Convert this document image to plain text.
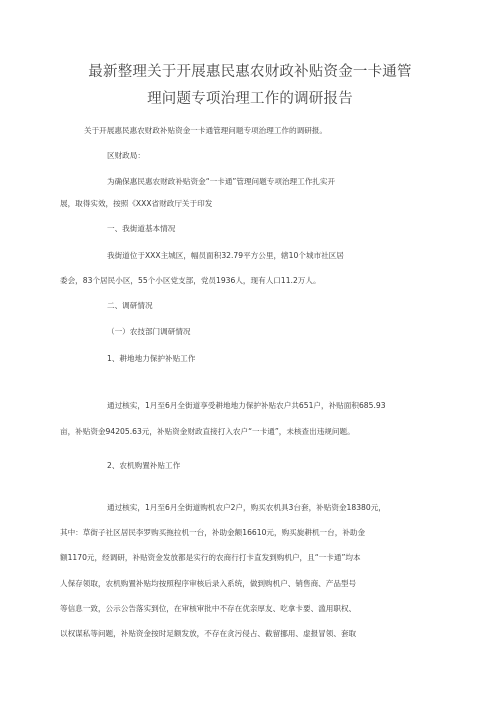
最新整理关于开展惠民惠农财政补贴资金一卡通管
理问题专项治理工作的调研报告
关于开展惠民惠农财政补贴资金一卡通管理问题专项治理工作的调研报。
区财政局：
为确保惠民惠农财政补贴资金“一卡通”管理问题专项治理工作扎实开
展，取得实效，按照《XXX省财政厅关于印发
一、我街道基本情况
我街道位于XXX主城区，幅员面积32.79平方公里，辖10个城市社区居
委会，83个居民小区，55个小区党支部，党员1936人，现有人口11.2万人。
二、调研情况
（一）农技部门调研情况
1、耕地地力保护补贴工作
通过核实，1月至6月全街道享受耕地地力保护补贴农户共651户，补贴面积685.93
亩，补贴资金94205.63元，补贴资金财政直接打入农户“一卡通”，未核查出违规问题。
2、农机购置补贴工作
通过核实，1月至6月全街道购机农户2户，购买农机具3台套，补贴资金18380元，
其中：草街子社区居民李罗购买拖拉机一台，补助金额16610元，购买旋耕机一台，补助金
额1170元，经调研，补贴资金发放都是实行的农商行打卡直发到购机户，且“一卡通”均本
人保存领取，农机购置补贴均按照程序审核后录入系统，做到购机户、销售商、产品型号
等信息一致，公示公告落实到位，在审核审批中不存在优亲厚友、吃拿卡要、滥用职权、
以权谋私等问题，补贴资金按时足额发放，不存在贪污侵占、截留挪用、虚报冒领、套取
